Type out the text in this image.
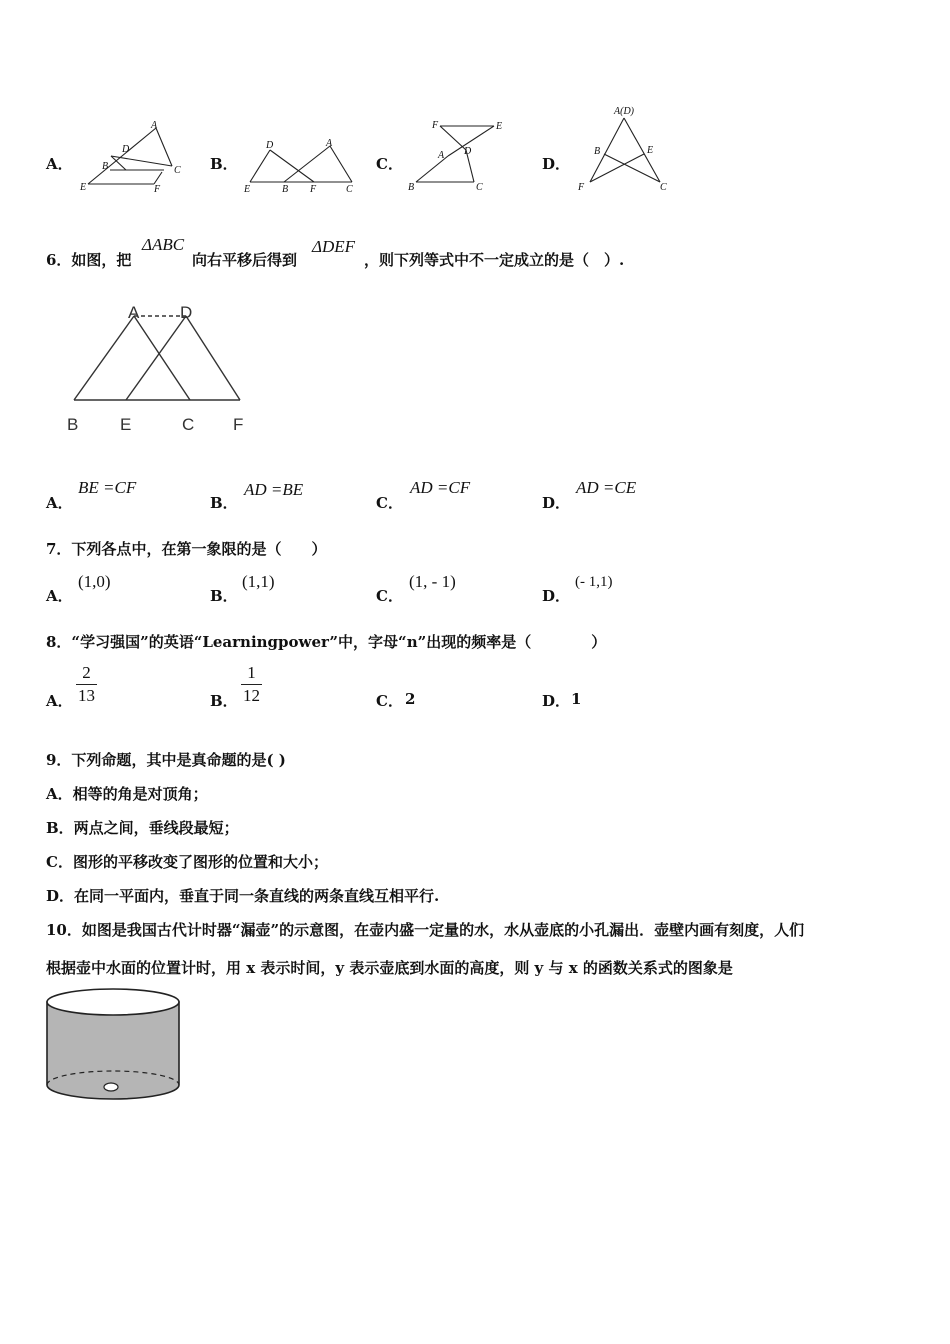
A．
A
D
B	C
E	F
B．
D	A
E	B F	C
C．
F	E
D
A
B	C
D．
A(D)
B	E
F	C
6．如图，把
ΔABC
向右平移后得到
ΔDEF
，则下列等式中不一定成立的是（　）.
A D
B E	C F
A．
BE =CF
B．
AD =BE
C．
AD =CF
D．
AD =CE
7．下列各点中，在第一象限的是（　　）
A．
(1,0)
B．
(1,1)
C．
(1, - 1)
D．
(- 1,1)
8．“学习强国”的英语“Learningpower”中，字母“n”出现的频率是（　　　　）
A．
2
13	B．
1
12	C． 2	D． 1
9．下列命题，其中是真命题的是( )
A．相等的角是对顶角；
B．两点之间，垂线段最短；
C．图形的平移改变了图形的位置和大小；
D．在同一平面内，垂直于同一条直线的两条直线互相平行.
10．如图是我国古代计时器“漏壶”的示意图，在壶内盛一定量的水，水从壶底的小孔漏出．壶壁内画有刻度，人们
根据壶中水面的位置计时，用 x 表示时间，y 表示壶底到水面的高度，则 y 与 x 的函数关系式的图象是
